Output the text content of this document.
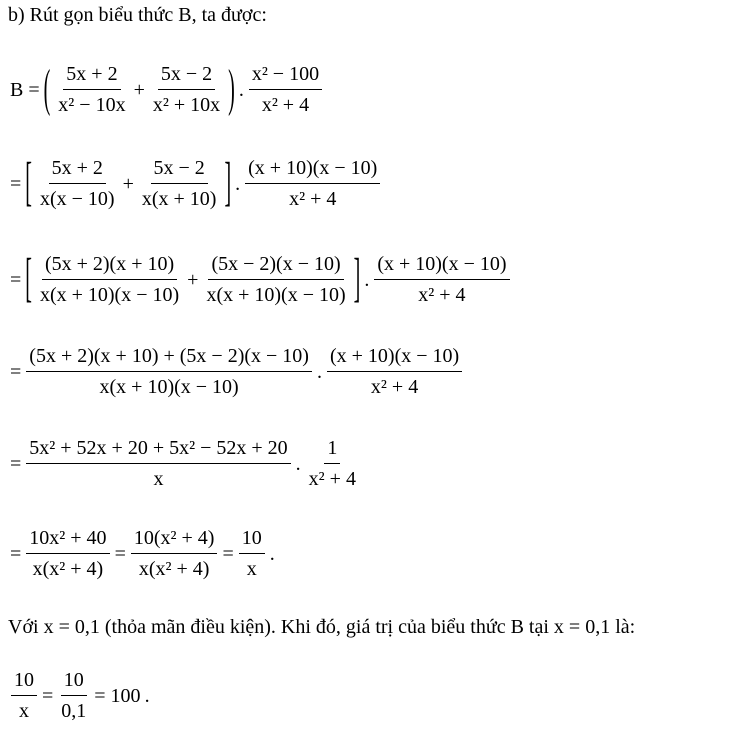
b) Rút gọn biểu thức B, ta được:
B = ( $\frac{5x + 2}{\text{x² − 10x}} + \frac{5x - 2}{\text{x² + 10x}}$ ) . $\frac{\text{x² − 100}}{\text{x² + 4}}$
= [ $\frac{5x + 2}{x(x - 10)} + \frac{5x - 2}{x(x + 10)}$ ] . $\frac{(x + 10)(x - 10)}{\text{x² + 4}}$
= [ $\frac{(5x + 2)(x + 10)}{x(x + 10)(x - 10)} + \frac{(5x - 2)(x - 10)}{x(x + 10)(x - 10)}$ ] . $\frac{(x + 10)(x - 10)}{\text{x² + 4}}$
= $\frac{(5x + 2)(x + 10) + (5x - 2)(x - 10)}{x(x + 10)(x - 10)}$ . $\frac{(x + 10)(x - 10)}{\text{x² + 4}}$
= $\frac{\text{5x² + 52x + 20 + 5x² − 52x + 20}}{x}$ . $\frac{1}{\text{x² + 4}}$
= $\frac{\text{10x² + 40}}{\text{x(x² + 4)}} = \frac{\text{10(x² + 4)}}{\text{x(x² + 4)}} = \frac{10}{x}$ .
Với x = 0,1 (thỏa mãn điều kiện). Khi đó, giá trị của biểu thức B tại x = 0,1 là:
$\frac{10}{x} = \frac{10}{0,1} = 100$ .
